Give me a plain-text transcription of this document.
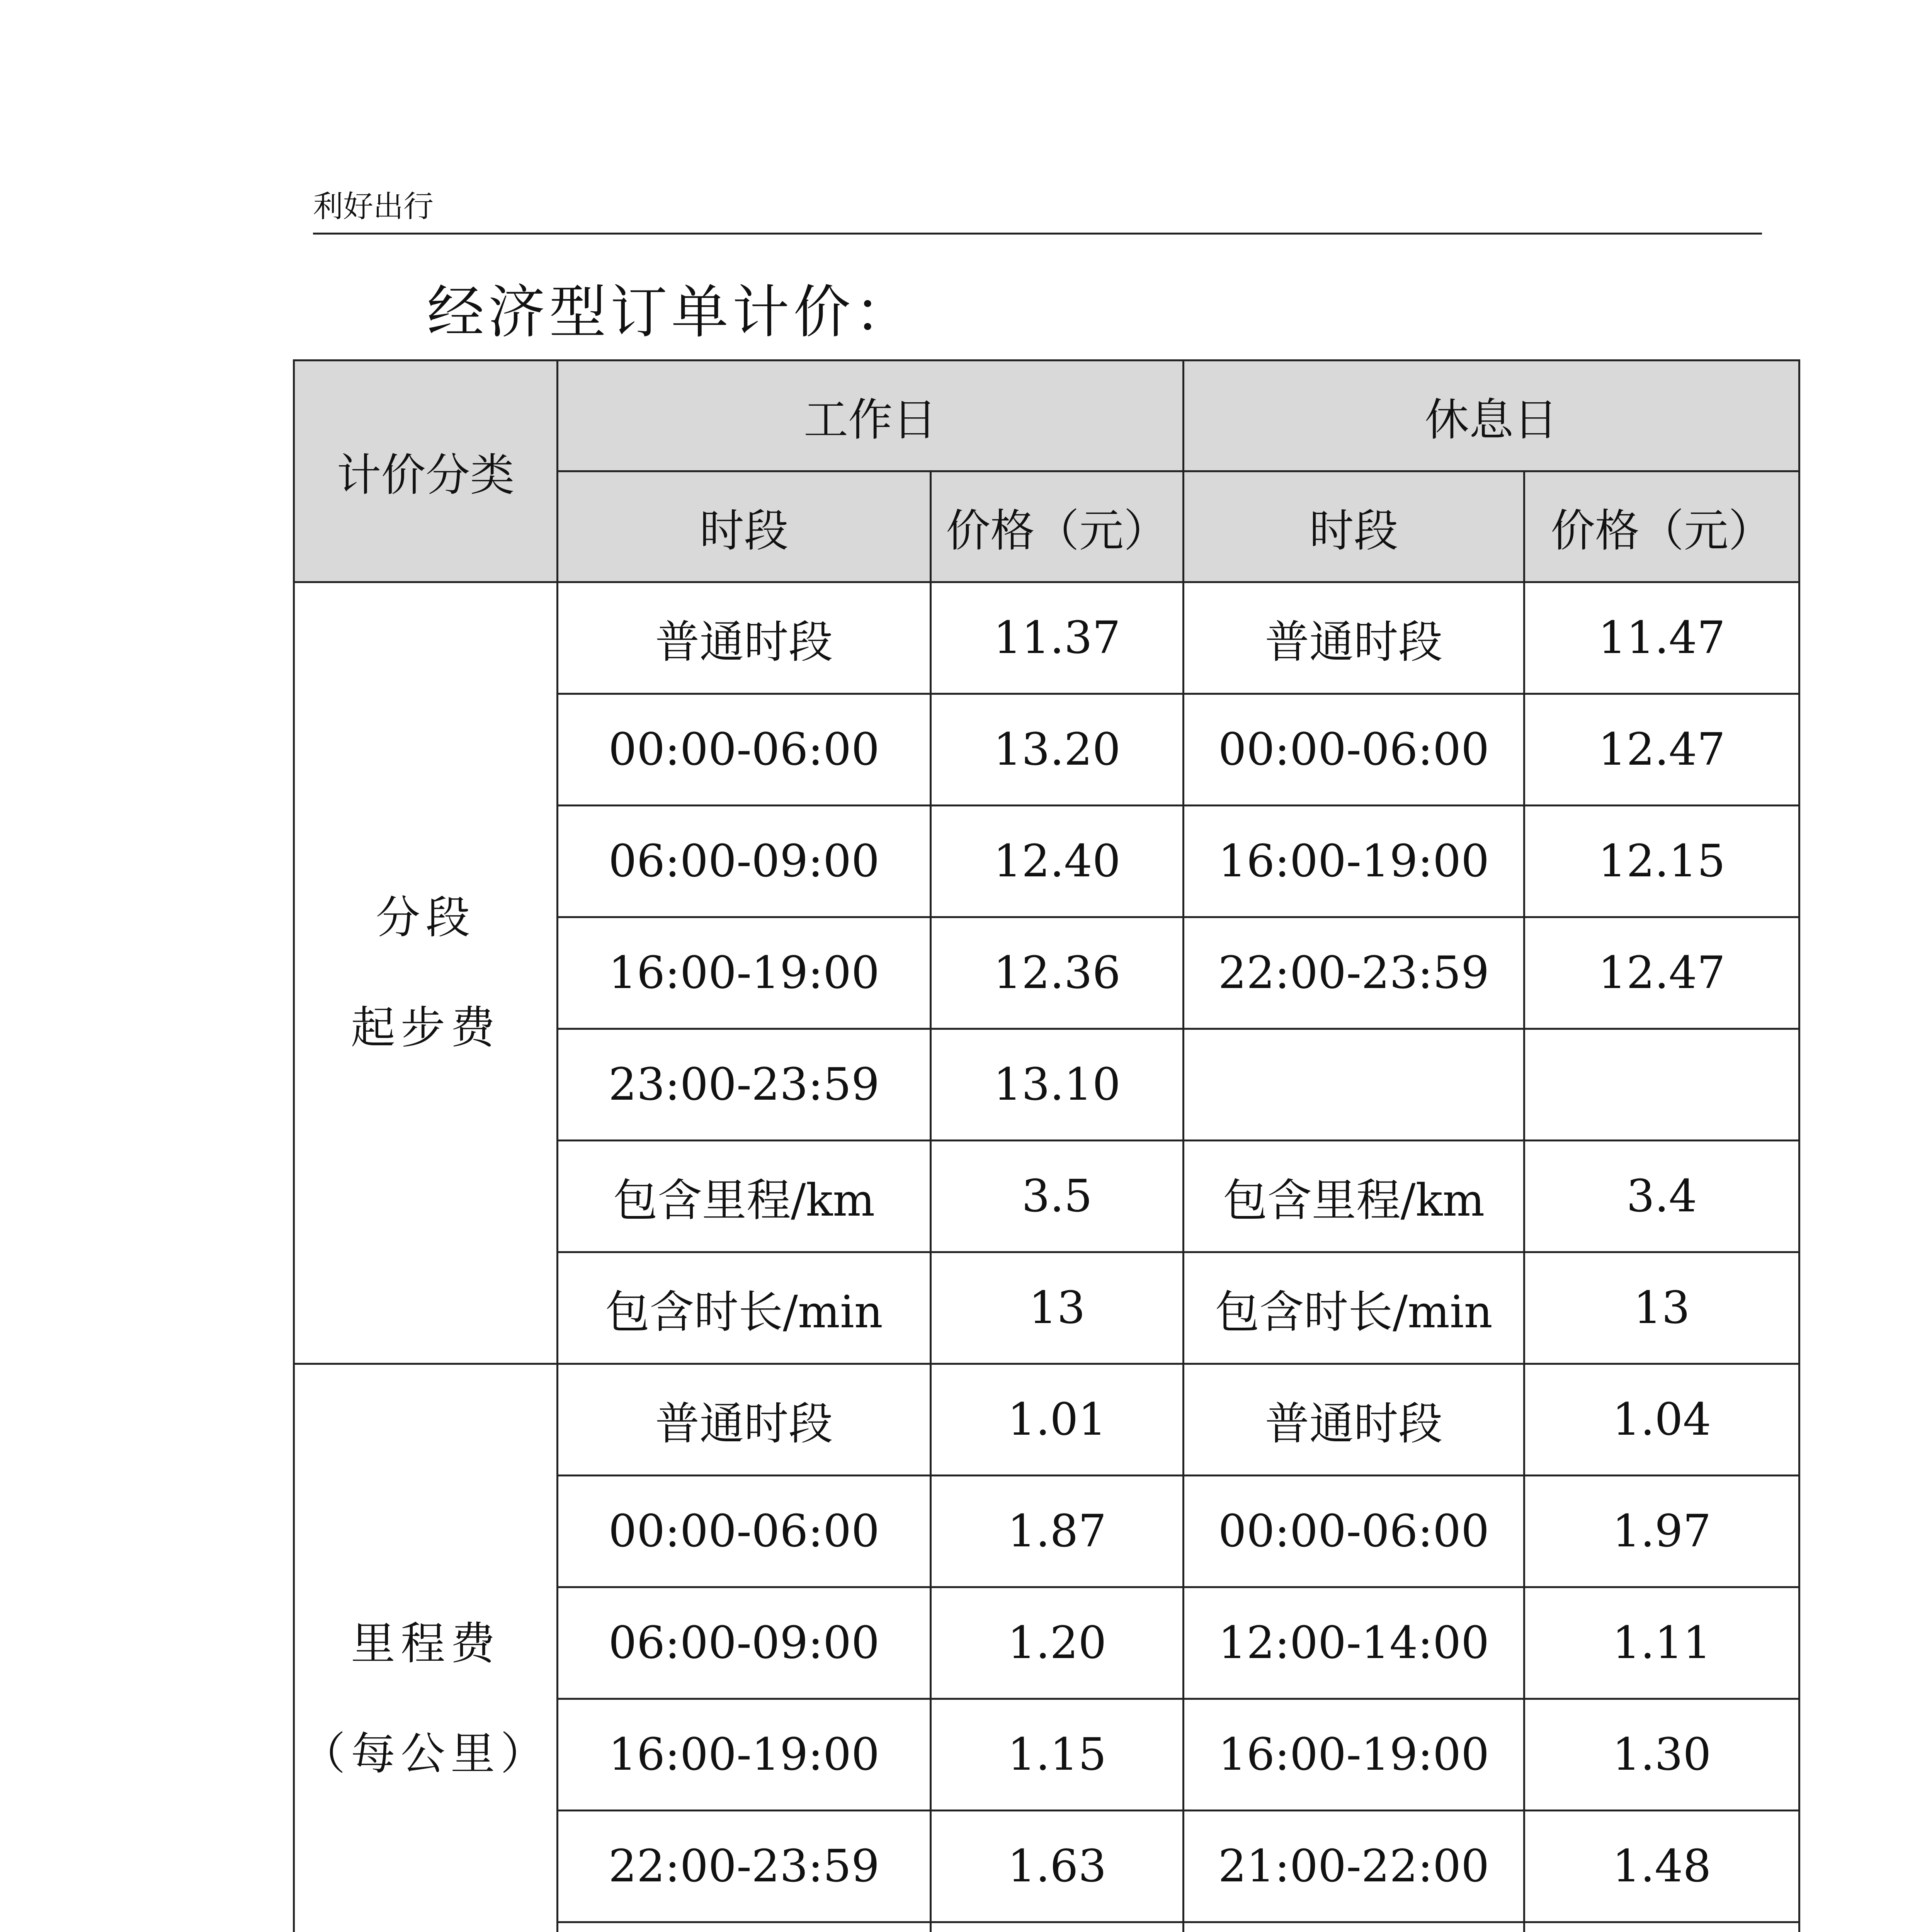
利好出行
经济型订单计价：
计价分类	工作日		休息日	
	时段	价格（元）	时段	价格（元）

分段
起步费	普通时段	11.37	普通时段	11.47
	00:00-06:00	13.20	00:00-06:00	12.47
	06:00-09:00	12.40	16:00-19:00	12.15
	16:00-19:00	12.36	22:00-23:59	12.47
	23:00-23:59	13.10		
	包含里程/km	3.5	包含里程/km	3.4
	包含时长/min	13	包含时长/min	13

里程费
（每公里）	普通时段	1.01	普通时段	1.04
	00:00-06:00	1.87	00:00-06:00	1.97
	06:00-09:00	1.20	12:00-14:00	1.11
	16:00-19:00	1.15	16:00-19:00	1.30
	22:00-23:59	1.63	21:00-22:00	1.48
